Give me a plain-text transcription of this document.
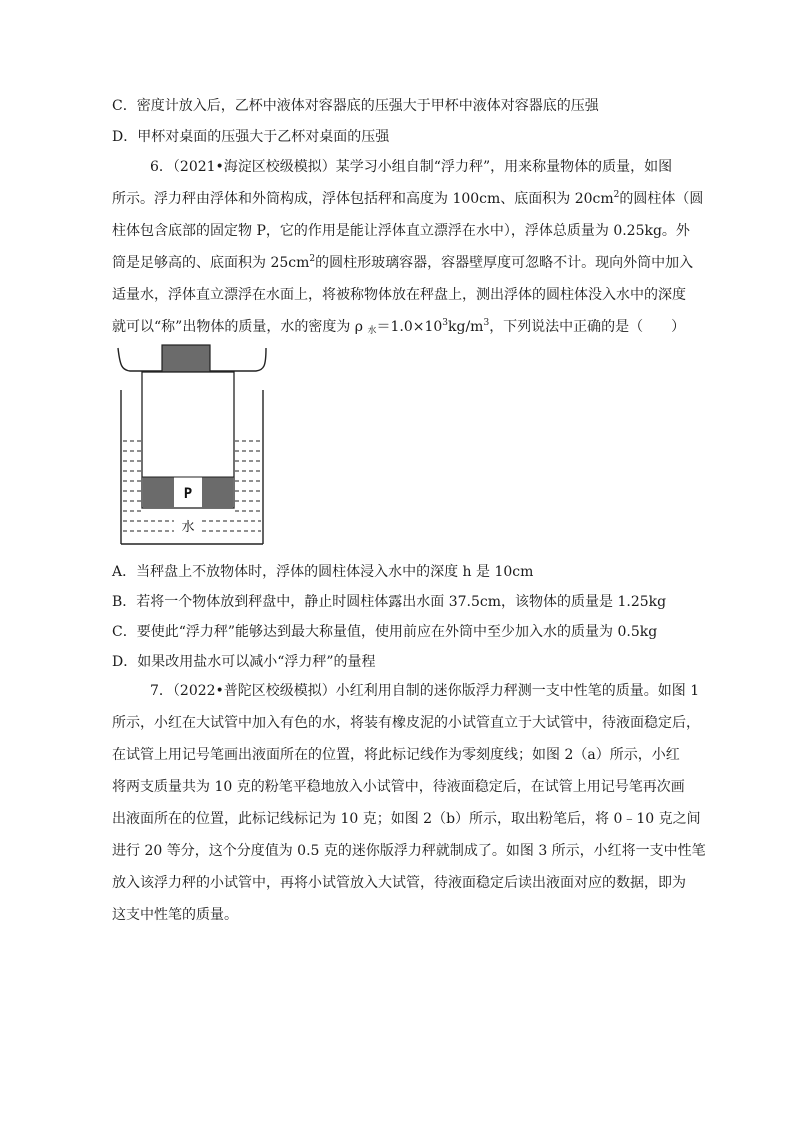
C．密度计放入后，乙杯中液体对容器底的压强大于甲杯中液体对容器底的压强
D．甲杯对桌面的压强大于乙杯对桌面的压强
6．（2021•海淀区校级模拟）某学习小组自制“浮力秤”，用来称量物体的质量，如图
所示。浮力秤由浮体和外筒构成，浮体包括秤和高度为 100cm、底面积为 $20cm^2$的圆柱体（圆
柱体包含底部的固定物 P，它的作用是能让浮体直立漂浮在水中），浮体总质量为 0.25kg。外
筒是足够高的、底面积为 $25cm^2$的圆柱形玻璃容器，容器壁厚度可忽略不计。现向外筒中加入
适量水，浮体直立漂浮在水面上，将被称物体放在秤盘上，测出浮体的圆柱体没入水中的深度
就可以“称”出物体的质量，水的密度为 ρ $_水=1.0\times 10^3kg/m^3$，下列说法中正确的是（　　）
P
水
A．当秤盘上不放物体时，浮体的圆柱体浸入水中的深度 h 是 10cm
B．若将一个物体放到秤盘中，静止时圆柱体露出水面 37.5cm，该物体的质量是 1.25kg
C．要使此“浮力秤”能够达到最大称量值，使用前应在外筒中至少加入水的质量为 0.5kg
D．如果改用盐水可以减小“浮力秤”的量程
7．（2022•普陀区校级模拟）小红利用自制的迷你版浮力秤测一支中性笔的质量。如图 1
所示，小红在大试管中加入有色的水，将装有橡皮泥的小试管直立于大试管中，待液面稳定后，
在试管上用记号笔画出液面所在的位置，将此标记线作为零刻度线；如图 2（a）所示，小红
将两支质量共为 10 克的粉笔平稳地放入小试管中，待液面稳定后，在试管上用记号笔再次画
出液面所在的位置，此标记线标记为 10 克；如图 2（b）所示，取出粉笔后，将 0﹣10 克之间
进行 20 等分，这个分度值为 0.5 克的迷你版浮力秤就制成了。如图 3 所示，小红将一支中性笔
放入该浮力秤的小试管中，再将小试管放入大试管，待液面稳定后读出液面对应的数据，即为
这支中性笔的质量。
